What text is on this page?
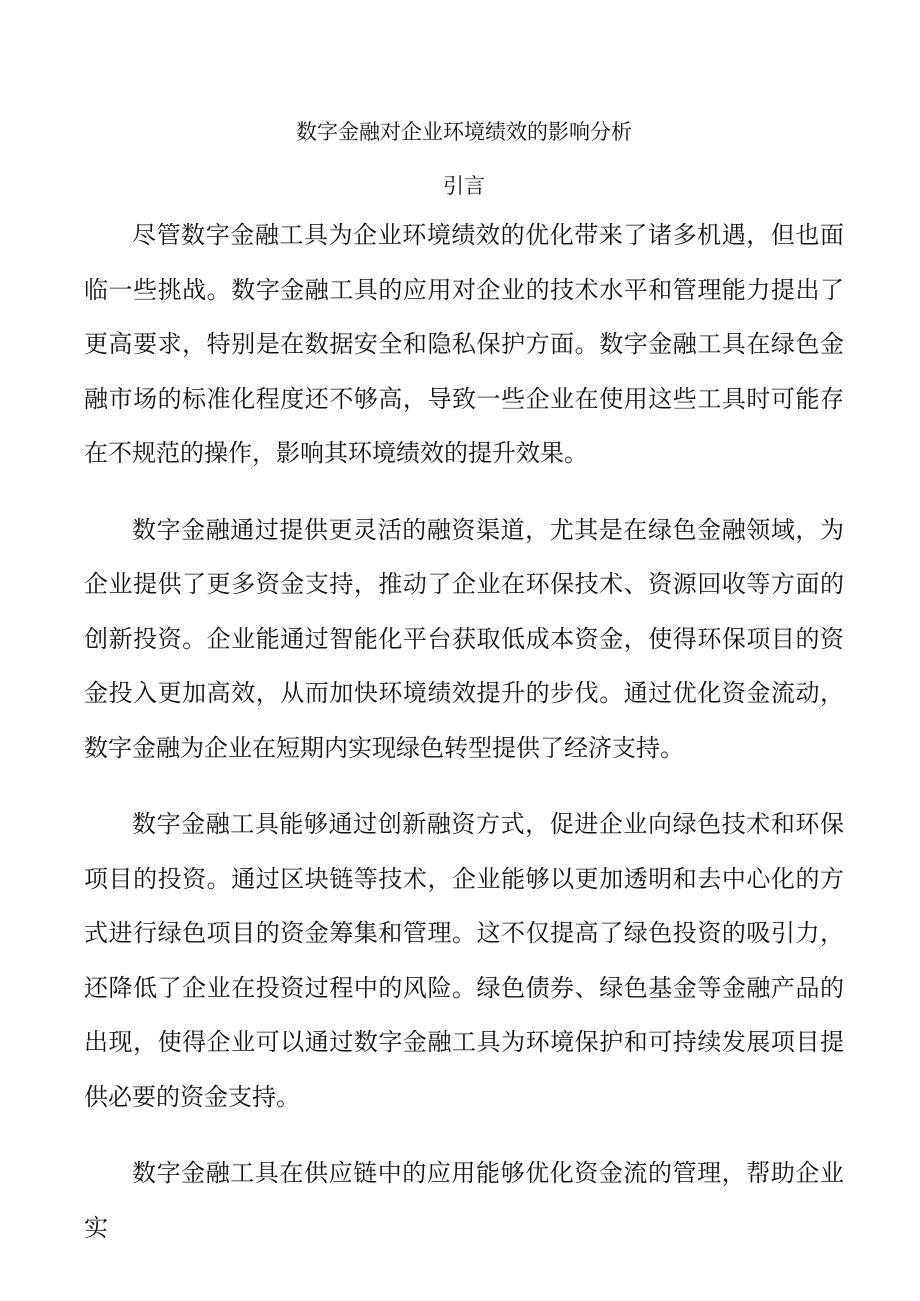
数字金融对企业环境绩效的影响分析
引言

尽管数字金融工具为企业环境绩效的优化带来了诸多机遇，但也面临一些挑战。数字金融工具的应用对企业的技术水平和管理能力提出了更高要求，特别是在数据安全和隐私保护方面。数字金融工具在绿色金融市场的标准化程度还不够高，导致一些企业在使用这些工具时可能存在不规范的操作，影响其环境绩效的提升效果。

数字金融通过提供更灵活的融资渠道，尤其是在绿色金融领域，为企业提供了更多资金支持，推动了企业在环保技术、资源回收等方面的创新投资。企业能通过智能化平台获取低成本资金，使得环保项目的资金投入更加高效，从而加快环境绩效提升的步伐。通过优化资金流动，数字金融为企业在短期内实现绿色转型提供了经济支持。

数字金融工具能够通过创新融资方式，促进企业向绿色技术和环保项目的投资。通过区块链等技术，企业能够以更加透明和去中心化的方式进行绿色项目的资金筹集和管理。这不仅提高了绿色投资的吸引力，还降低了企业在投资过程中的风险。绿色债券、绿色基金等金融产品的出现，使得企业可以通过数字金融工具为环境保护和可持续发展项目提供必要的资金支持。

数字金融工具在供应链中的应用能够优化资金流的管理，帮助企业实
